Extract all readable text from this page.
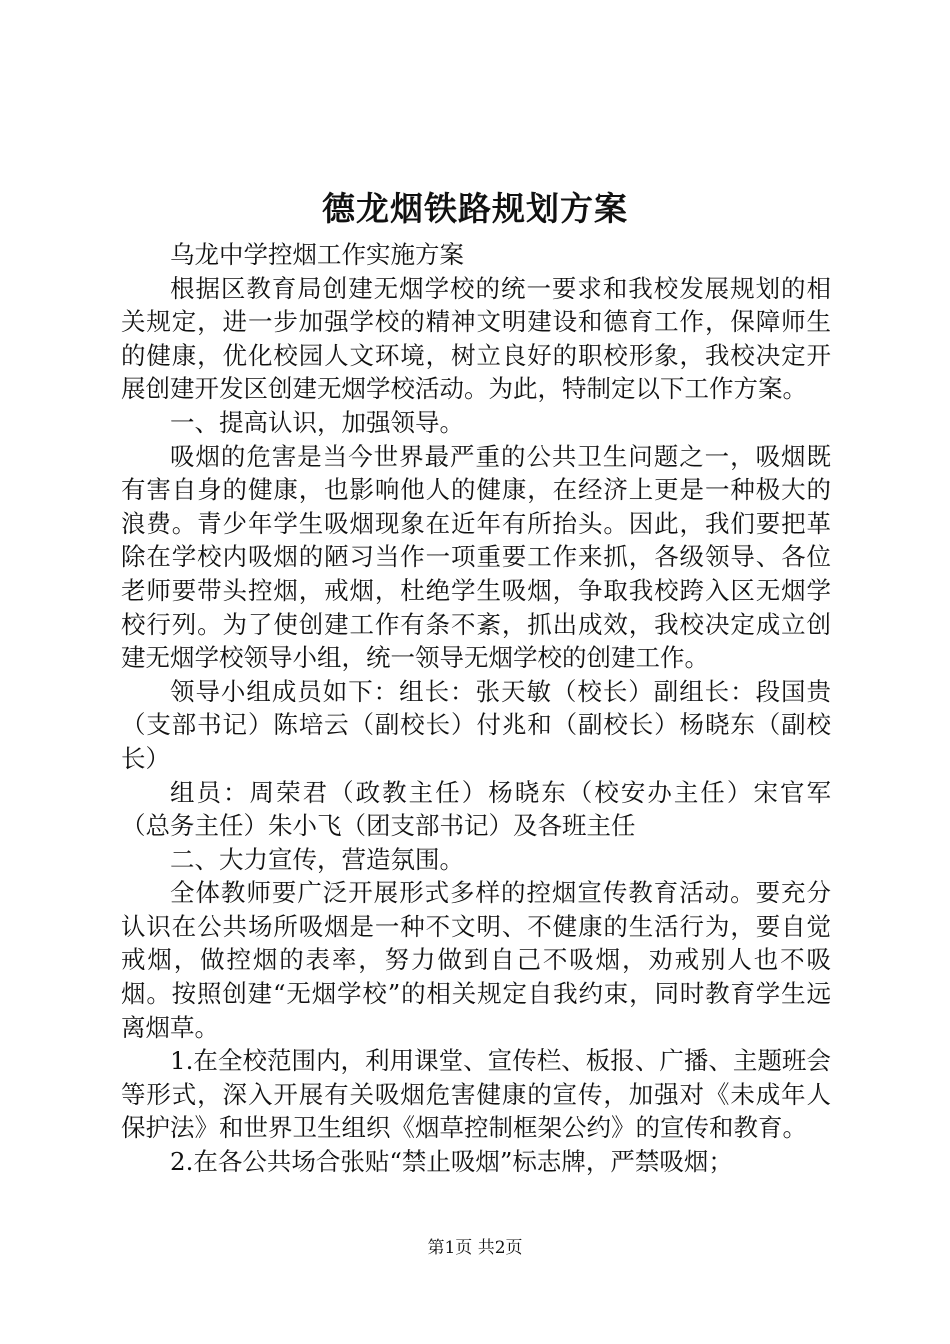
德龙烟铁路规划方案

乌龙中学控烟工作实施方案

根据区教育局创建无烟学校的统一要求和我校发展规划的相关规定，进一步加强学校的精神文明建设和德育工作，保障师生的健康，优化校园人文环境，树立良好的职校形象，我校决定开展创建开发区创建无烟学校活动。为此，特制定以下工作方案。

一、提高认识，加强领导。

吸烟的危害是当今世界最严重的公共卫生问题之一，吸烟既有害自身的健康，也影响他人的健康，在经济上更是一种极大的浪费。青少年学生吸烟现象在近年有所抬头。因此，我们要把革除在学校内吸烟的陋习当作一项重要工作来抓，各级领导、各位老师要带头控烟，戒烟，杜绝学生吸烟，争取我校跨入区无烟学校行列。为了使创建工作有条不紊，抓出成效，我校决定成立创建无烟学校领导小组，统一领导无烟学校的创建工作。

领导小组成员如下：组长：张天敏（校长）副组长：段国贵（支部书记）陈培云（副校长）付兆和（副校长）杨晓东（副校长）

组员：周荣君（政教主任）杨晓东（校安办主任）宋官军（总务主任）朱小飞（团支部书记）及各班主任

二、大力宣传，营造氛围。

全体教师要广泛开展形式多样的控烟宣传教育活动。要充分认识在公共场所吸烟是一种不文明、不健康的生活行为，要自觉戒烟，做控烟的表率，努力做到自己不吸烟，劝戒别人也不吸烟。按照创建“无烟学校”的相关规定自我约束，同时教育学生远离烟草。

1.在全校范围内，利用课堂、宣传栏、板报、广播、主题班会等形式，深入开展有关吸烟危害健康的宣传，加强对《未成年人保护法》和世界卫生组织《烟草控制框架公约》的宣传和教育。

2.在各公共场合张贴“禁止吸烟”标志牌，严禁吸烟；

第1页 共2页
